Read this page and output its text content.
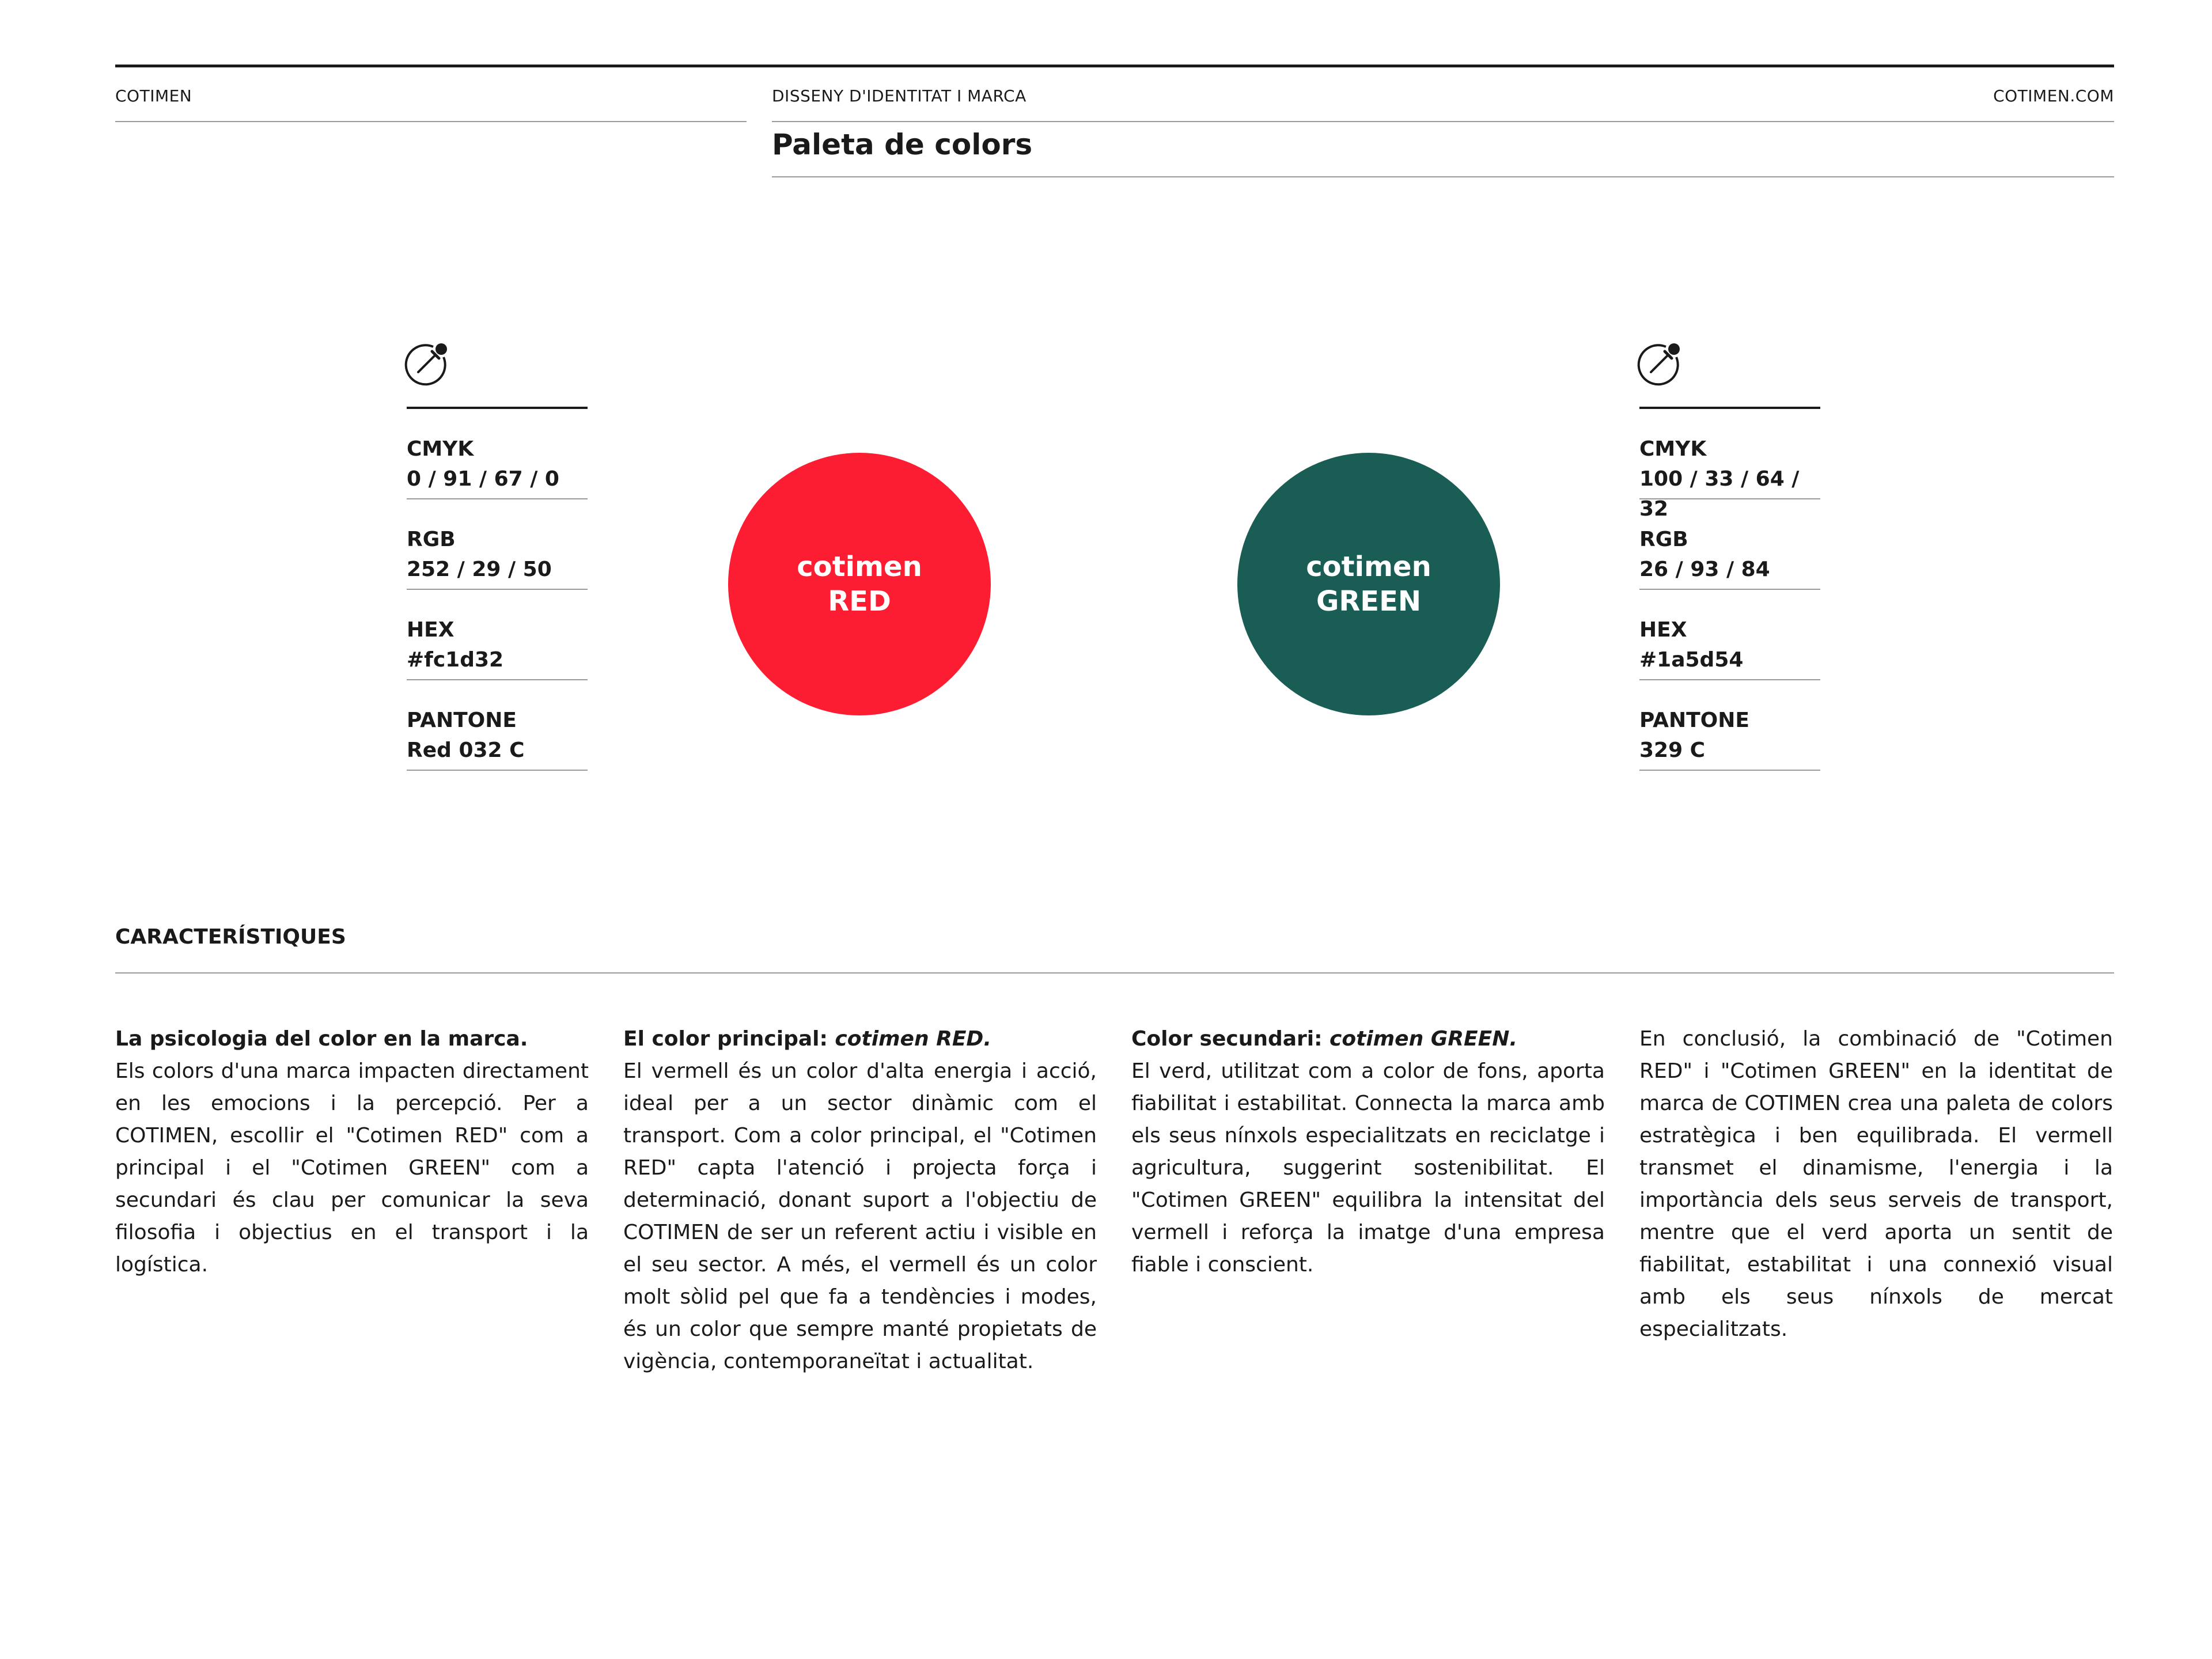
COTIMEN	DISSENY D'IDENTITAT I MARCA	COTIMEN.COM
Paleta de colors
CMYK
0 / 91 / 67 / 0
RGB
252 / 29 / 50
HEX
#fc1d32
PANTONE
Red 032 C
cotimen
RED
cotimen
GREEN
CMYK
100 / 33 / 64 / 32
RGB
26 / 93 / 84
HEX
#1a5d54
PANTONE
329 C
CARACTERÍSTIQUES
La psicologia del color en la marca.

Els colors d'una marca impacten directament en les emocions i la percepció. Per a COTIMEN, escollir el "Cotimen RED" com a principal i el "Cotimen GREEN" com a secundari és clau per comunicar la seva filosofia i objectius en el transport i la logística.

El color principal: cotimen RED.

El vermell és un color d'alta energia i acció, ideal per a un sector dinàmic com el transport. Com a color principal, el "Cotimen RED" capta l'atenció i projecta força i determinació, donant suport a l'objectiu de COTIMEN de ser un referent actiu i visible en el seu sector. A més, el vermell és un color molt sòlid pel que fa a tendències i modes, és un color que sempre manté propietats de vigència, contemporaneïtat i actualitat.

Color secundari: cotimen GREEN.

El verd, utilitzat com a color de fons, aporta fiabilitat i estabilitat. Connecta la marca amb els seus nínxols especialitzats en reciclatge i agricultura, suggerint sostenibilitat. El "Cotimen GREEN" equilibra la intensitat del vermell i reforça la imatge d'una empresa fiable i conscient.

En conclusió, la combinació de "Cotimen RED" i "Cotimen GREEN" en la identitat de marca de COTIMEN crea una paleta de colors estratègica i ben equilibrada. El vermell transmet el dinamisme, l'energia i la importància dels seus serveis de transport, mentre que el verd aporta un sentit de fiabilitat, estabilitat i una connexió visual amb els seus nínxols de mercat especialitzats.
